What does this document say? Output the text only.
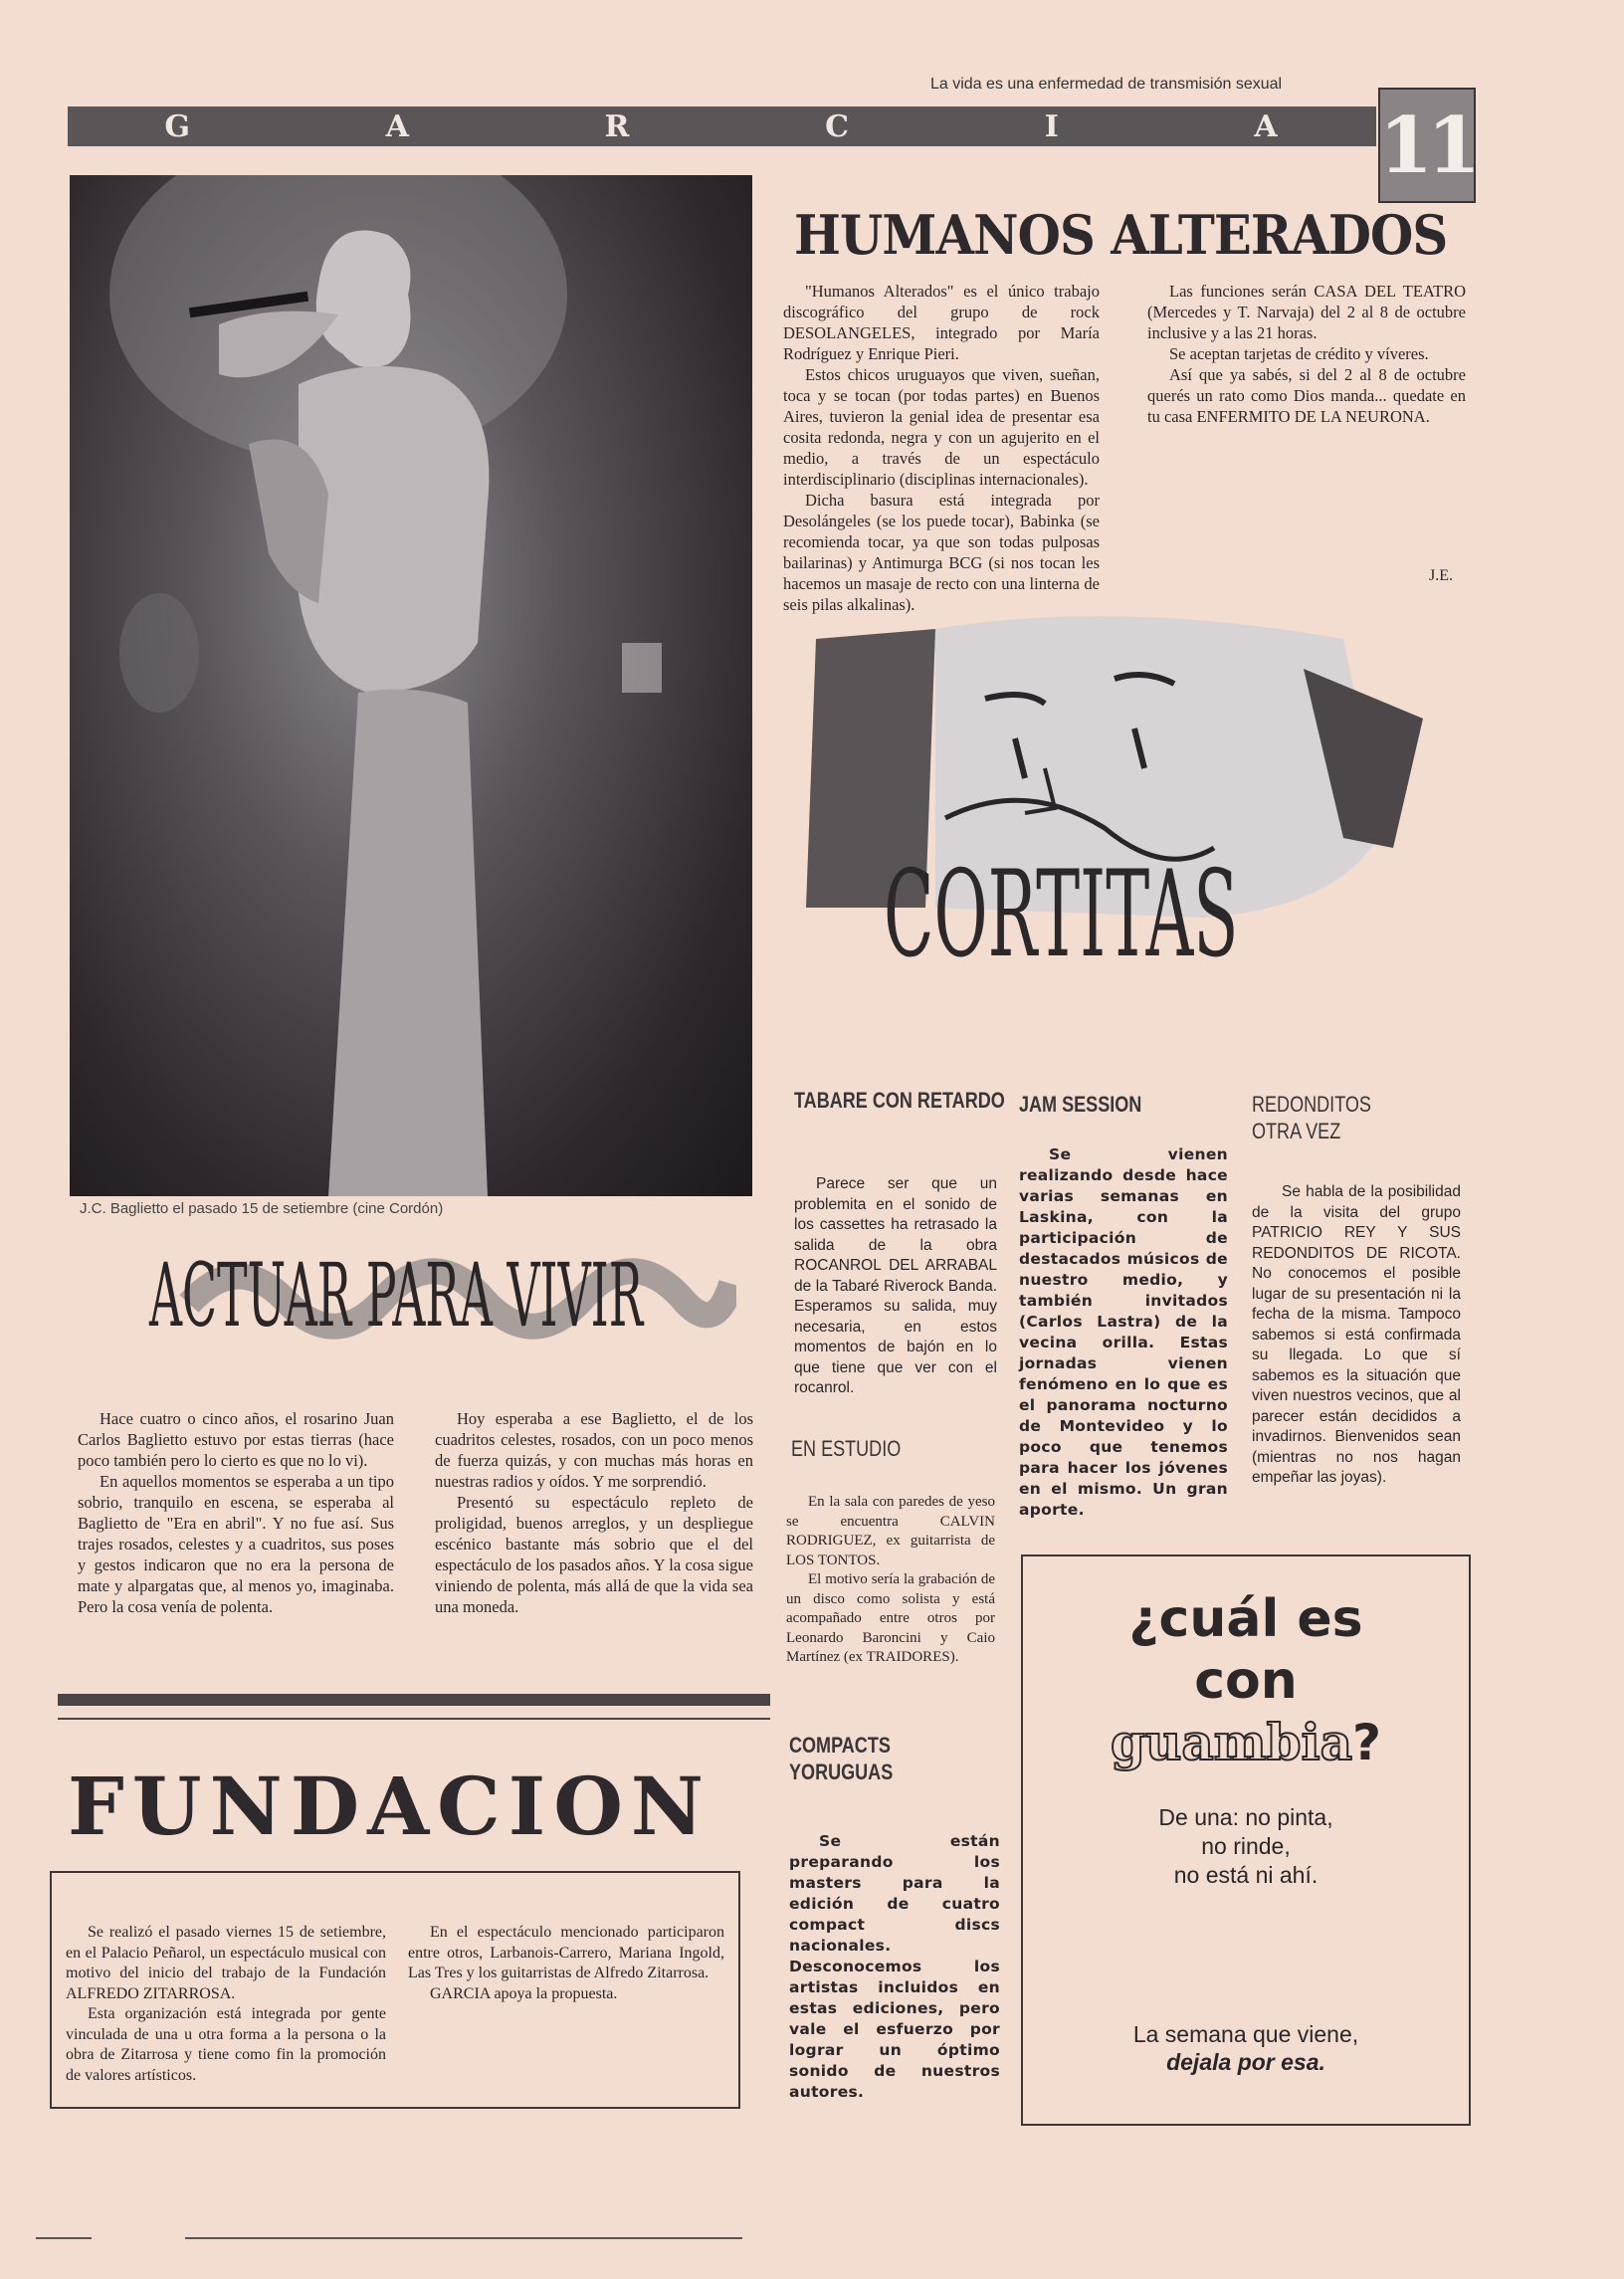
La vida es una enfermedad de transmisión sexual
G	A	R	C	I	A 11
J.C. Baglietto el pasado 15 de setiembre (cine Cordón)
HUMANOS ALTERADOS

"Humanos Alterados" es el único trabajo discográfico del grupo de rock DESOLANGELES, integrado por María Rodríguez y Enrique Pieri.

Estos chicos uruguayos que viven, sueñan, toca y se tocan (por todas partes) en Buenos Aires, tuvieron la genial idea de presentar esa cosita redonda, negra y con un agujerito en el medio, a través de un espectáculo interdisciplinario (disciplinas internacionales).

Dicha basura está integrada por Desolángeles (se los puede tocar), Babinka (se recomienda tocar, ya que son todas pulposas bailarinas) y Antimurga BCG (si nos tocan les hacemos un masaje de recto con una linterna de seis pilas alkalinas).

Las funciones serán CASA DEL TEATRO (Mercedes y T. Narvaja) del 2 al 8 de octubre inclusive y a las 21 horas.

Se aceptan tarjetas de crédito y víveres.

Así que ya sabés, si del 2 al 8 de octubre querés un rato como Dios manda... quedate en tu casa ENFERMITO DE LA NEURONA.

J.E.
CORTITAS
TABARE CON RETARDO
Parece ser que un problemita en el sonido de los cassettes ha retrasado la salida de la obra ROCANROL DEL ARRABAL de la Tabaré Riverock Banda. Esperamos su salida, muy necesaria, en estos momentos de bajón en lo que tiene que ver con el rocanrol.
JAM SESSION
Se vienen realizando desde hace varias semanas en Laskina, con la participación de destacados músicos de nuestro medio, y también invitados (Carlos Lastra) de la vecina orilla. Estas jornadas vienen fenómeno en lo que es el panorama nocturno de Montevideo y lo poco que tenemos para hacer los jóvenes en el mismo. Un gran aporte.
REDONDITOS OTRA VEZ
Se habla de la posibilidad de la visita del grupo PATRICIO REY Y SUS REDONDITOS DE RICOTA. No conocemos el posible lugar de su presentación ni la fecha de la misma. Tampoco sabemos si está confirmada su llegada. Lo que sí sabemos es la situación que viven nuestros vecinos, que al parecer están decididos a invadirnos. Bienvenidos sean (mientras no nos hagan empeñar las joyas).
EN ESTUDIO

En la sala con paredes de yeso se encuentra CALVIN RODRIGUEZ, ex guitarrista de LOS TONTOS.

El motivo sería la grabación de un disco como solista y está acompañado entre otros por Leonardo Baroncini y Caio Martínez (ex TRAIDORES).

COMPACTS YORUGUAS
Se están preparando los masters para la edición de cuatro compact discs nacionales. Desconocemos los artistas incluidos en estas ediciones, pero vale el esfuerzo por lograr un óptimo sonido de nuestros autores.
ACTUAR PARA VIVIR

Hace cuatro o cinco años, el rosarino Juan Carlos Baglietto estuvo por estas tierras (hace poco también pero lo cierto es que no lo vi).

En aquellos momentos se esperaba a un tipo sobrio, tranquilo en escena, se esperaba al Baglietto de "Era en abril". Y no fue así. Sus trajes rosados, celestes y a cuadritos, sus poses y gestos indicaron que no era la persona de mate y alpargatas que, al menos yo, imaginaba. Pero la cosa venía de polenta.

Hoy esperaba a ese Baglietto, el de los cuadritos celestes, rosados, con un poco menos de fuerza quizás, y con muchas más horas en nuestras radios y oídos. Y me sorprendió.

Presentó su espectáculo repleto de proligidad, buenos arreglos, y un despliegue escénico bastante más sobrio que el del espectáculo de los pasados años. Y la cosa sigue viniendo de polenta, más allá de que la vida sea una moneda.

FUNDACION

Se realizó el pasado viernes 15 de setiembre, en el Palacio Peñarol, un espectáculo musical con motivo del inicio del trabajo de la Fundación ALFREDO ZITARROSA.

Esta organización está integrada por gente vinculada de una u otra forma a la persona o la obra de Zitarrosa y tiene como fin la promoción de valores artísticos.

En el espectáculo mencionado participaron entre otros, Larbanois-Carrero, Mariana Ingold, Las Tres y los guitarristas de Alfredo Zitarrosa.

GARCIA apoya la propuesta.

¿cuál es
con
guambia?
De una: no pinta,
no rinde,
no está ni ahí.
La semana que viene,
dejala por esa.
